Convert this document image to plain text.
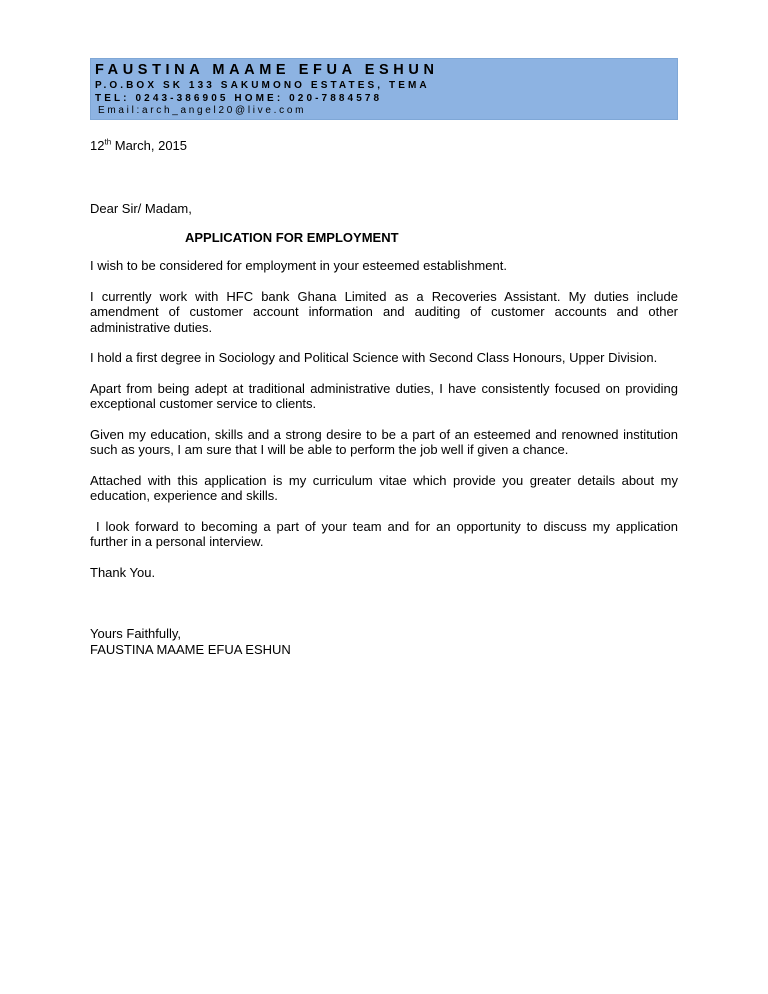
FAUSTINA MAAME EFUA ESHUN
P.O.BOX SK 133 SAKUMONO ESTATES, TEMA
TEL: 0243-386905 HOME: 020-7884578
Email:arch_angel20@live.com
12th March, 2015
Dear Sir/ Madam,
APPLICATION FOR EMPLOYMENT

I wish to be considered for employment in your esteemed establishment.

I currently work with HFC bank Ghana Limited as a Recoveries Assistant. My duties include amendment of customer account information and auditing of customer accounts and other administrative duties.

I hold a first degree in Sociology and Political Science with Second Class Honours, Upper Division.

Apart from being adept at traditional administrative duties, I have consistently focused on providing exceptional customer service to clients.

Given my education, skills and a strong desire to be a part of an esteemed and renowned institution such as yours, I am sure that I will be able to perform the job well if given a chance.

Attached with this application is my curriculum vitae which provide you greater details about my education, experience and skills.

I look forward to becoming a part of your team and for an opportunity to discuss my application further in a personal interview.

Thank You.

Yours Faithfully,
FAUSTINA MAAME EFUA ESHUN
